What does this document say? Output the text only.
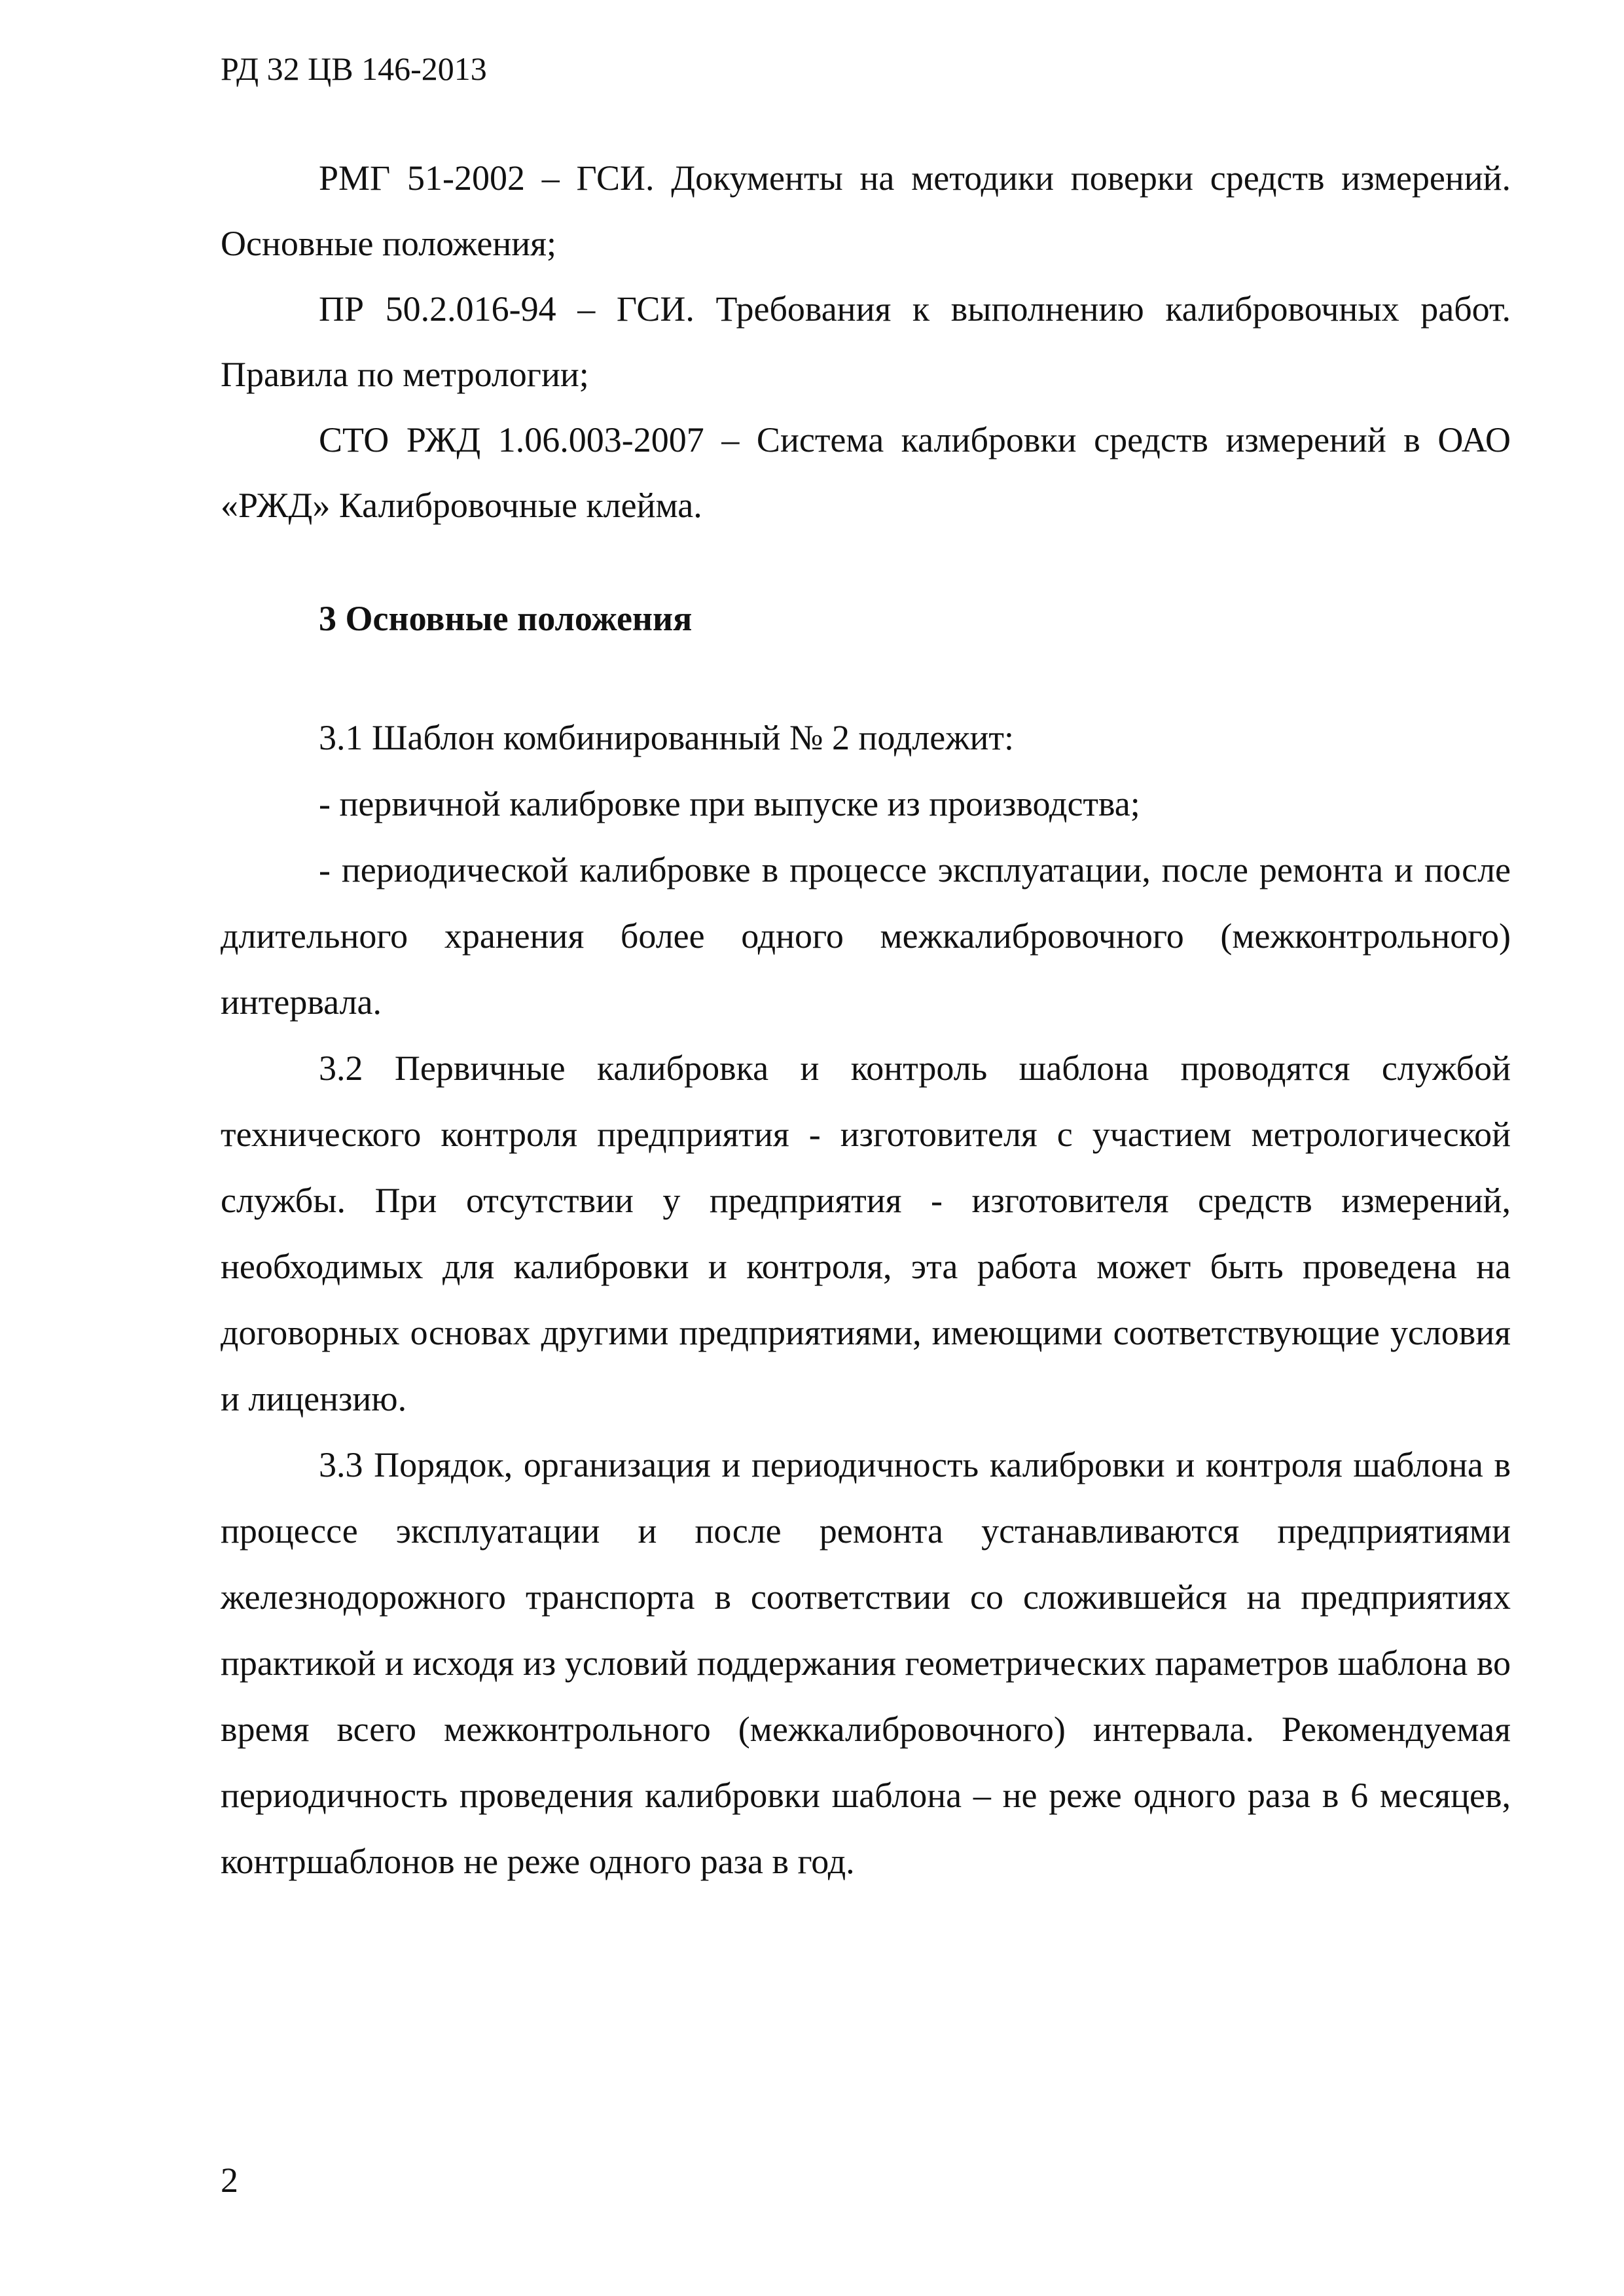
РД 32 ЦВ 146-2013

РМГ 51-2002 – ГСИ. Документы на методики поверки средств измерений. Основные положения;

ПР 50.2.016-94 – ГСИ. Требования к выполнению калибровочных работ. Правила по метрологии;

СТО РЖД 1.06.003-2007 – Система калибровки средств измерений в ОАО «РЖД» Калибровочные клейма.

3 Основные положения

3.1 Шаблон комбинированный № 2 подлежит:

- первичной калибровке при выпуске из производства;

- периодической калибровке в процессе эксплуатации, после ремонта и после длительного хранения более одного межкалибровочного (межконтрольного) интервала.

3.2 Первичные калибровка и контроль шаблона проводятся службой технического контроля предприятия - изготовителя с участием метрологической службы. При отсутствии у предприятия - изготовителя средств измерений, необходимых для калибровки и контроля, эта работа может быть проведена на договорных основах другими предприятиями, имеющими соответствующие условия и лицензию.

3.3 Порядок, организация и периодичность калибровки и контроля шаблона в процессе эксплуатации и после ремонта устанавливаются предприятиями железнодорожного транспорта в соответствии со сложившейся на предприятиях практикой и исходя из условий поддержания геометрических параметров шаблона во время всего межконтрольного (межкалибровочного) интервала. Рекомендуемая периодичность проведения калибровки шаблона – не реже одного раза в 6 месяцев, контршаблонов не реже одного раза в год.

2
